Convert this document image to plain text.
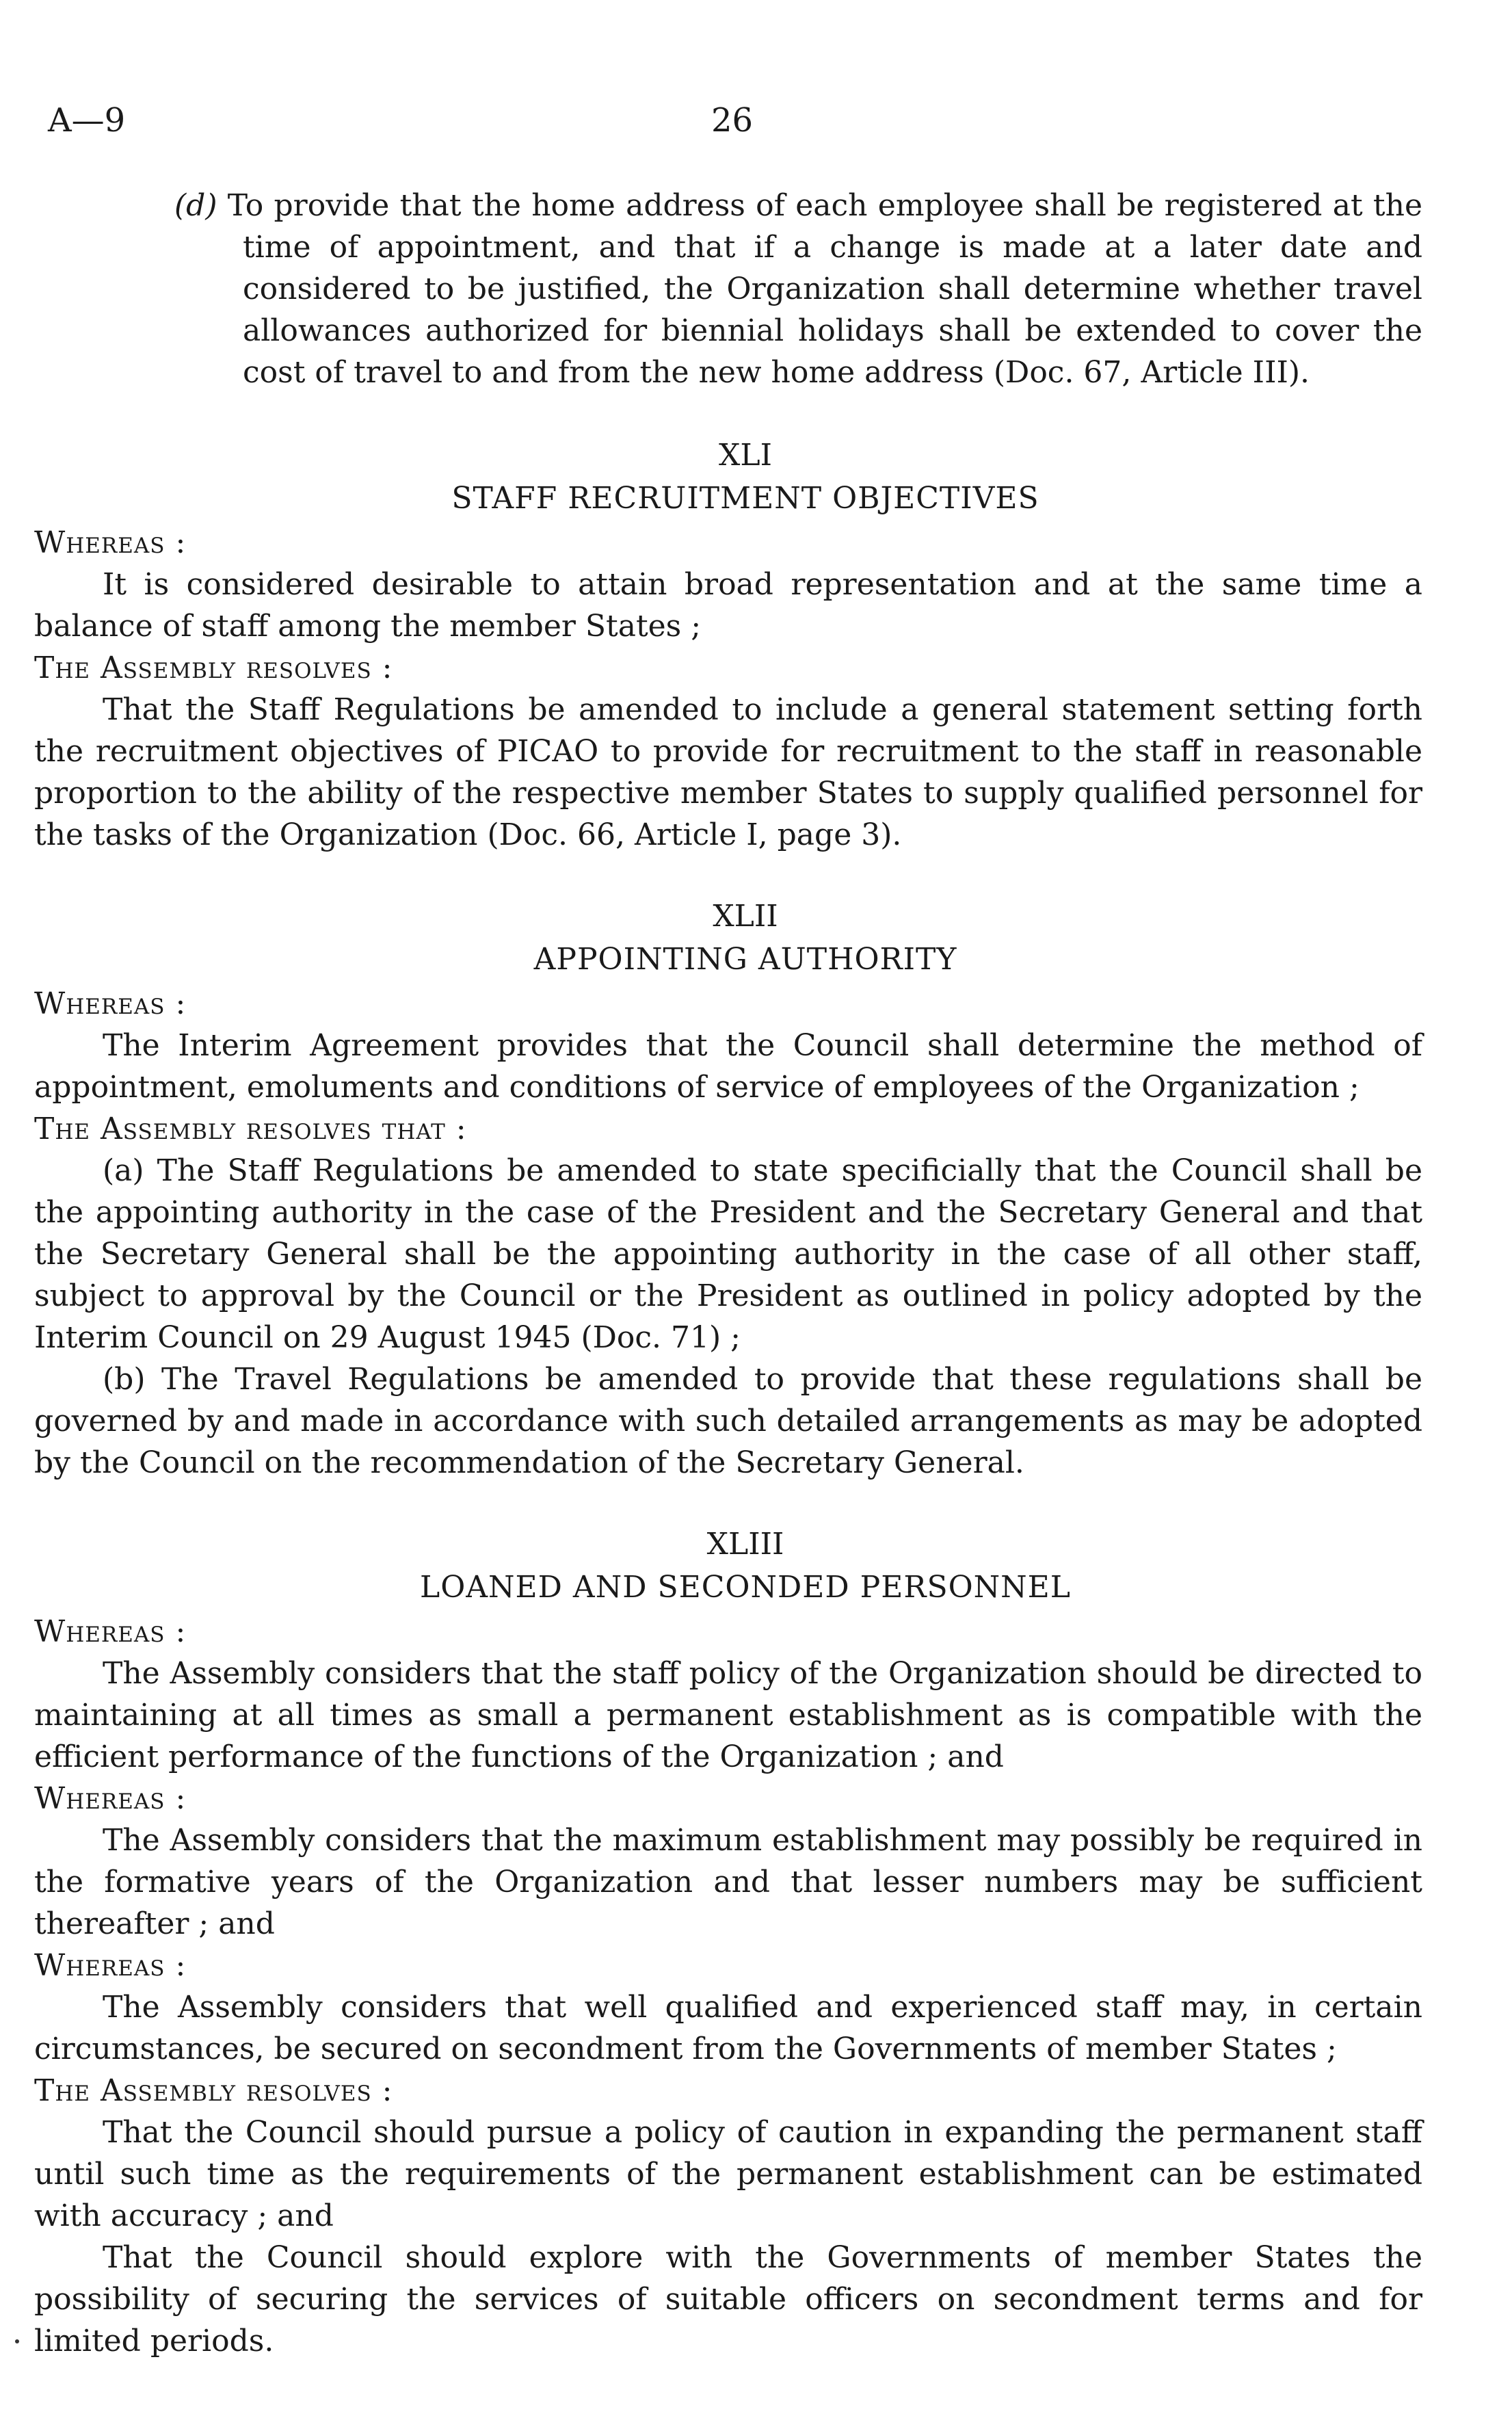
A—9	26

(d) To provide that the home address of each employee shall be registered at the time of appointment, and that if a change is made at a later date and considered to be justified, the Organization shall determine whether travel allowances authorized for biennial holidays shall be extended to cover the cost of travel to and from the new home address (Doc. 67, Article III).

XLI

STAFF RECRUITMENT OBJECTIVES

Whereas :

It is considered desirable to attain broad representation and at the same time a balance of staff among the member States ;

The Assembly resolves :

That the Staff Regulations be amended to include a general statement setting forth the recruitment objectives of PICAO to provide for recruitment to the staff in reasonable proportion to the ability of the respective member States to supply qualified personnel for the tasks of the Organization (Doc. 66, Article I, page 3).

XLII

APPOINTING AUTHORITY

Whereas :

The Interim Agreement provides that the Council shall determine the method of appointment, emoluments and conditions of service of employees of the Organization ;

The Assembly resolves that :

(a) The Staff Regulations be amended to state specificially that the Council shall be the appointing authority in the case of the President and the Secretary General and that the Secretary General shall be the appointing authority in the case of all other staff, subject to approval by the Council or the President as outlined in policy adopted by the Interim Council on 29 August 1945 (Doc. 71) ;

(b) The Travel Regulations be amended to provide that these regulations shall be governed by and made in accordance with such detailed arrangements as may be adopted by the Council on the recommendation of the Secretary General.

XLIII

LOANED AND SECONDED PERSONNEL

Whereas :

The Assembly considers that the staff policy of the Organization should be directed to maintaining at all times as small a permanent establishment as is compatible with the efficient performance of the functions of the Organization ; and

Whereas :

The Assembly considers that the maximum establishment may possibly be required in the formative years of the Organization and that lesser numbers may be sufficient thereafter ; and

Whereas :

The Assembly considers that well qualified and experienced staff may, in certain circumstances, be secured on secondment from the Governments of member States ;

The Assembly resolves :

That the Council should pursue a policy of caution in expanding the permanent staff until such time as the requirements of the permanent establishment can be estimated with accuracy ; and

That the Council should explore with the Governments of member States the possibility of securing the services of suitable officers on secondment terms and for limited periods.
